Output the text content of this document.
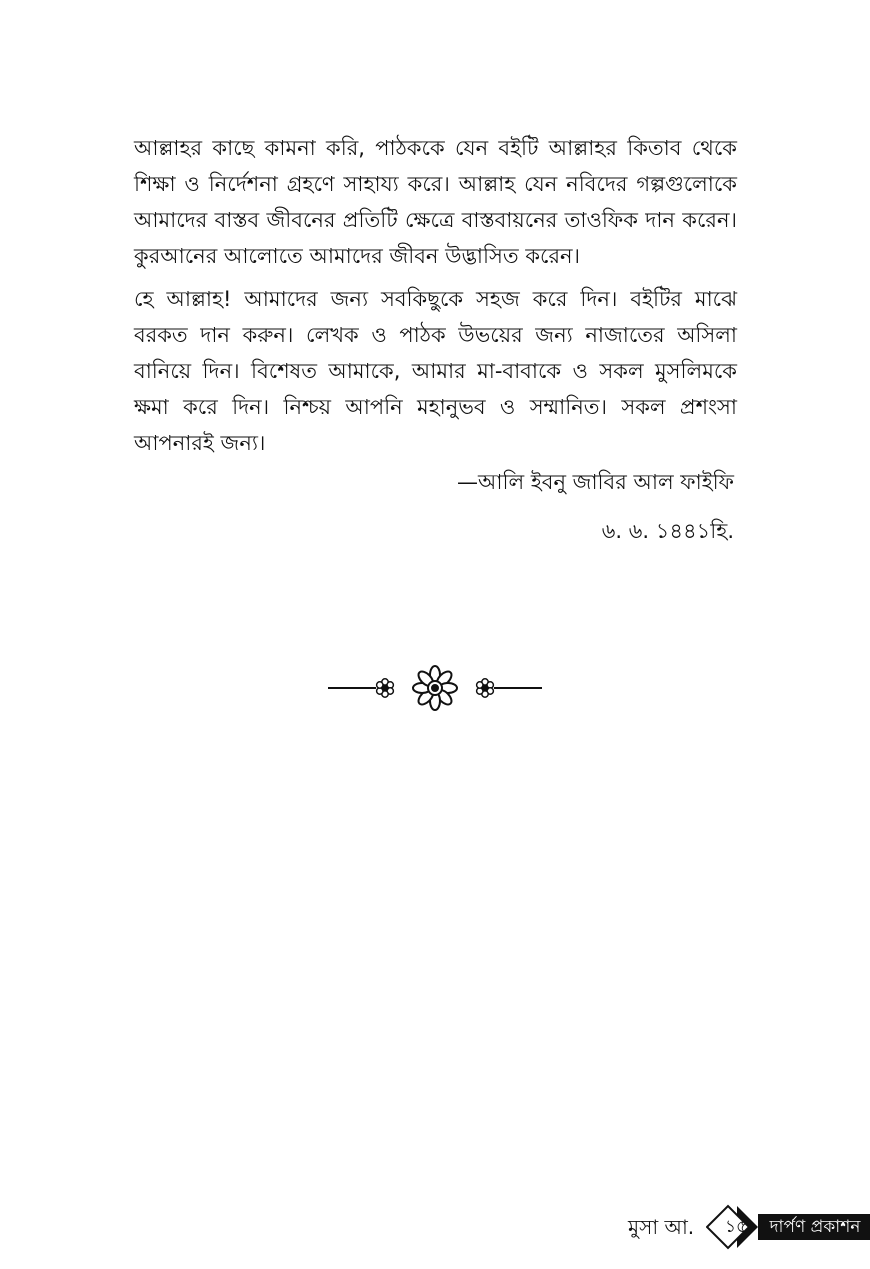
আল্লাহর কাছে কামনা করি, পাঠককে যেন বইটি আল্লাহর কিতাব থেকে শিক্ষা ও নির্দেশনা গ্রহণে সাহায্য করে। আল্লাহ যেন নবিদের গল্পগুলোকে আমাদের বাস্তব জীবনের প্রতিটি ক্ষেত্রে বাস্তবায়নের তাওফিক দান করেন। কুরআনের আলোতে আমাদের জীবন উদ্ভাসিত করেন।
হে আল্লাহ! আমাদের জন্য সবকিছুকে সহজ করে দিন। বইটির মাঝে বরকত দান করুন। লেখক ও পাঠক উভয়ের জন্য নাজাতের অসিলা বানিয়ে দিন। বিশেষত আমাকে, আমার মা-বাবাকে ও সকল মুসলিমকে ক্ষমা করে দিন। নিশ্চয় আপনি মহানুভব ও সম্মানিত। সকল প্রশংসা আপনারই জন্য।
—আলি ইবনু জাবির আল ফাইফি
৬. ৬. ১৪৪১হি.
মুসা আ.	১৫	দার্পণ প্রকাশন
